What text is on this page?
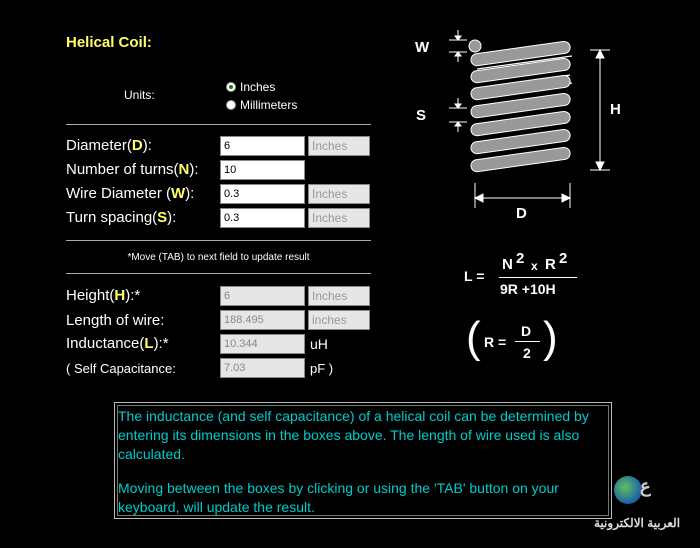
Helical Coil:
Units:
Inches
Millimeters
Diameter(D):
6	Inches
Number of turns(N):
10
Wire Diameter (W):
0.3	Inches
Turn spacing(S):
0.3	Inches
*Move (TAB) to next field to update result
Height(H):*
6	Inches
Length of wire:
188.495	inches
Inductance(L):*
10.344	uH
( Self Capacitance:
7.03	pF )
W
S	H
D
L =
N 2 x R 2
9R +10H
( R =
D
2 )

The inductance (and self capacitance) of a helical coil can be determined by entering its dimensions in the boxes above. The length of wire used is also calculated.

Moving between the boxes by clicking or using the 'TAB' button on your keyboard, will update the result.

ع
العربية الالكترونية
